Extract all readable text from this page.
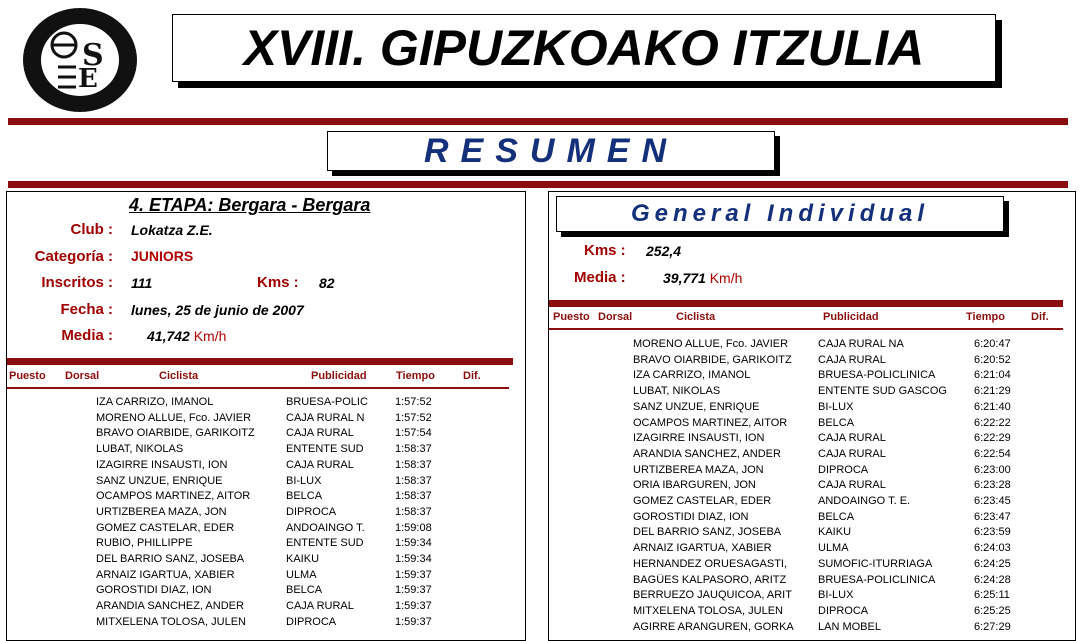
S
E
XVIII. GIPUZKOAKO ITZULIA
RESUMEN
4. ETAPA: Bergara - Bergara
Club : Lokatza Z.E.
Categoría : JUNIORS
Inscritos : 111	Kms : 82
Fecha : lunes, 25 de junio de 2007
Media : 41,742 Km/h
Puesto Dorsal	Ciclista	Publicidad	Tiempo	Dif.
IZA CARRIZO, IMANOL	BRUESA-POLIC	1:57:52
MORENO ALLUE, Fco. JAVIER	CAJA RURAL N	1:57:52
BRAVO OIARBIDE, GARIKOITZ	CAJA RURAL	1:57:54
LUBAT, NIKOLAS	ENTENTE SUD	1:58:37
IZAGIRRE INSAUSTI, ION	CAJA RURAL	1:58:37
SANZ UNZUE, ENRIQUE	BI-LUX	1:58:37
OCAMPOS MARTINEZ, AITOR	BELCA	1:58:37
URTIZBEREA MAZA, JON	DIPROCA	1:58:37
GOMEZ CASTELAR, EDER	ANDOAINGO T.	1:59:08
RUBIO, PHILLIPPE	ENTENTE SUD	1:59:34
DEL BARRIO SANZ, JOSEBA	KAIKU	1:59:34
ARNAIZ IGARTUA, XABIER	ULMA	1:59:37
GOROSTIDI DIAZ, ION	BELCA	1:59:37
ARANDIA SANCHEZ, ANDER	CAJA RURAL	1:59:37
MITXELENA TOLOSA, JULEN	DIPROCA	1:59:37
General Individual
Kms : 252,4
Media :	39,771 Km/h
Puesto Dorsal	Ciclista	Publicidad	Tiempo Dif.
MORENO ALLUE, Fco. JAVIER	CAJA RURAL NA	6:20:47
BRAVO OIARBIDE, GARIKOITZ	CAJA RURAL	6:20:52
IZA CARRIZO, IMANOL	BRUESA-POLICLINICA	6:21:04
LUBAT, NIKOLAS	ENTENTE SUD GASCOG	6:21:29
SANZ UNZUE, ENRIQUE	BI-LUX	6:21:40
OCAMPOS MARTINEZ, AITOR	BELCA	6:22:22
IZAGIRRE INSAUSTI, ION	CAJA RURAL	6:22:29
ARANDIA SANCHEZ, ANDER	CAJA RURAL	6:22:54
URTIZBEREA MAZA, JON	DIPROCA	6:23:00
ORIA IBARGUREN, JON	CAJA RURAL	6:23:28
GOMEZ CASTELAR, EDER	ANDOAINGO T. E.	6:23:45
GOROSTIDI DIAZ, ION	BELCA	6:23:47
DEL BARRIO SANZ, JOSEBA	KAIKU	6:23:59
ARNAIZ IGARTUA, XABIER	ULMA	6:24:03
HERNANDEZ ORUESAGASTI,	SUMOFIC-ITURRIAGA	6:24:25
BAGÜES KALPASORO, ARITZ	BRUESA-POLICLINICA	6:24:28
BERRUEZO JAUQUICOA, ARIT	BI-LUX	6:25:11
MITXELENA TOLOSA, JULEN	DIPROCA	6:25:25
AGIRRE ARANGUREN, GORKA	LAN MOBEL	6:27:29
